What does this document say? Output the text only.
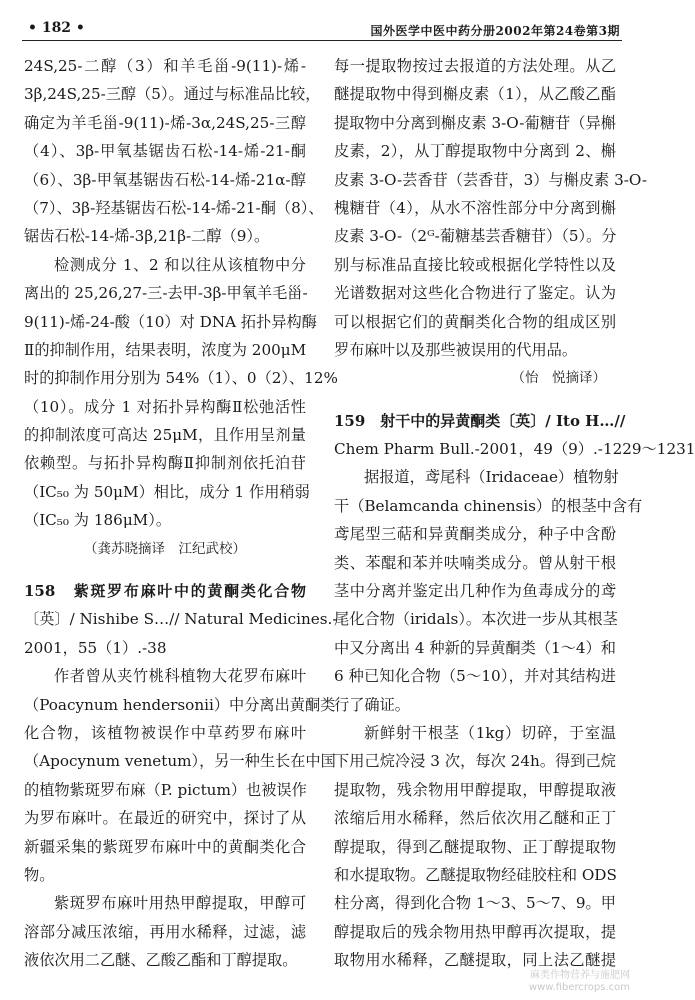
• 182 •	国外医学中医中药分册2002年第24卷第3期
24S,25-二醇（3）和羊毛甾-9(11)-烯-
3β,24S,25-三醇（5）。通过与标准品比较，
确定为羊毛甾-9(11)-烯-3α,24S,25-三醇
（4）、3β-甲氧基锯齿石松-14-烯-21-酮
（6）、3β-甲氧基锯齿石松-14-烯-21α-醇
（7）、3β-羟基锯齿石松-14-烯-21-酮（8）、
锯齿石松-14-烯-3β,21β-二醇（9）。
检测成分 1、2 和以往从该植物中分
离出的 25,26,27-三-去甲-3β-甲氧羊毛甾-
9(11)-烯-24-酸（10）对 DNA 拓扑异构酶
Ⅱ的抑制作用，结果表明，浓度为 200μM
时的抑制作用分别为 54%（1）、0（2）、12%
（10）。成分 1 对拓扑异构酶Ⅱ松弛活性
的抑制浓度可高达 25μM，且作用呈剂量
依赖型。与拓扑异构酶Ⅱ抑制剂依托泊苷
（IC₅₀ 为 50μM）相比，成分 1 作用稍弱
（IC₅₀ 为 186μM）。
（龚苏晓摘译　江纪武校）
158　紫斑罗布麻叶中的黄酮类化合物
〔英〕/ Nishibe S…// Natural Medicines.-
2001，55（1）.-38
作者曾从夹竹桃科植物大花罗布麻叶
（Poacynum hendersonii）中分离出黄酮类
化合物，该植物被误作中草药罗布麻叶
（Apocynum venetum），另一种生长在中国
的植物紫斑罗布麻（P. pictum）也被误作
为罗布麻叶。在最近的研究中，探讨了从
新疆采集的紫斑罗布麻叶中的黄酮类化合
物。
紫斑罗布麻叶用热甲醇提取，甲醇可
溶部分减压浓缩，再用水稀释，过滤，滤
液依次用二乙醚、乙酸乙酯和丁醇提取。
每一提取物按过去报道的方法处理。从乙
醚提取物中得到槲皮素（1），从乙酸乙酯
提取物中分离到槲皮素 3-O-葡糖苷（异槲
皮素，2），从丁醇提取物中分离到 2、槲
皮素 3-O-芸香苷（芸香苷，3）与槲皮素 3-O-
槐糖苷（4），从水不溶性部分中分离到槲
皮素 3-O-（2ᴳ-葡糖基芸香糖苷）（5）。分
别与标准品直接比较或根据化学特性以及
光谱数据对这些化合物进行了鉴定。认为
可以根据它们的黄酮类化合物的组成区别
罗布麻叶以及那些被误用的代用品。
（怡　悦摘译）
159　射干中的异黄酮类〔英〕/ Ito H…//
Chem Pharm Bull.-2001，49（9）.-1229～1231
据报道，鸢尾科（Iridaceae）植物射
干（Belamcanda chinensis）的根茎中含有
鸢尾型三萜和异黄酮类成分，种子中含酚
类、苯醌和苯并呋喃类成分。曾从射干根
茎中分离并鉴定出几种作为鱼毒成分的鸢
尾化合物（iridals）。本次进一步从其根茎
中又分离出 4 种新的异黄酮类（1～4）和
6 种已知化合物（5～10），并对其结构进
行了确证。
新鲜射干根茎（1kg）切碎，于室温
下用己烷冷浸 3 次，每次 24h。得到己烷
提取物，残余物用甲醇提取，甲醇提取液
浓缩后用水稀释，然后依次用乙醚和正丁
醇提取，得到乙醚提取物、正丁醇提取物
和水提取物。乙醚提取物经硅胶柱和 ODS
柱分离，得到化合物 1～3、5～7、9。甲
醇提取后的残余物用热甲醇再次提取，提
取物用水稀释，乙醚提取，同上法乙醚提
麻类作物营养与施肥网
www.fibercrops.com
